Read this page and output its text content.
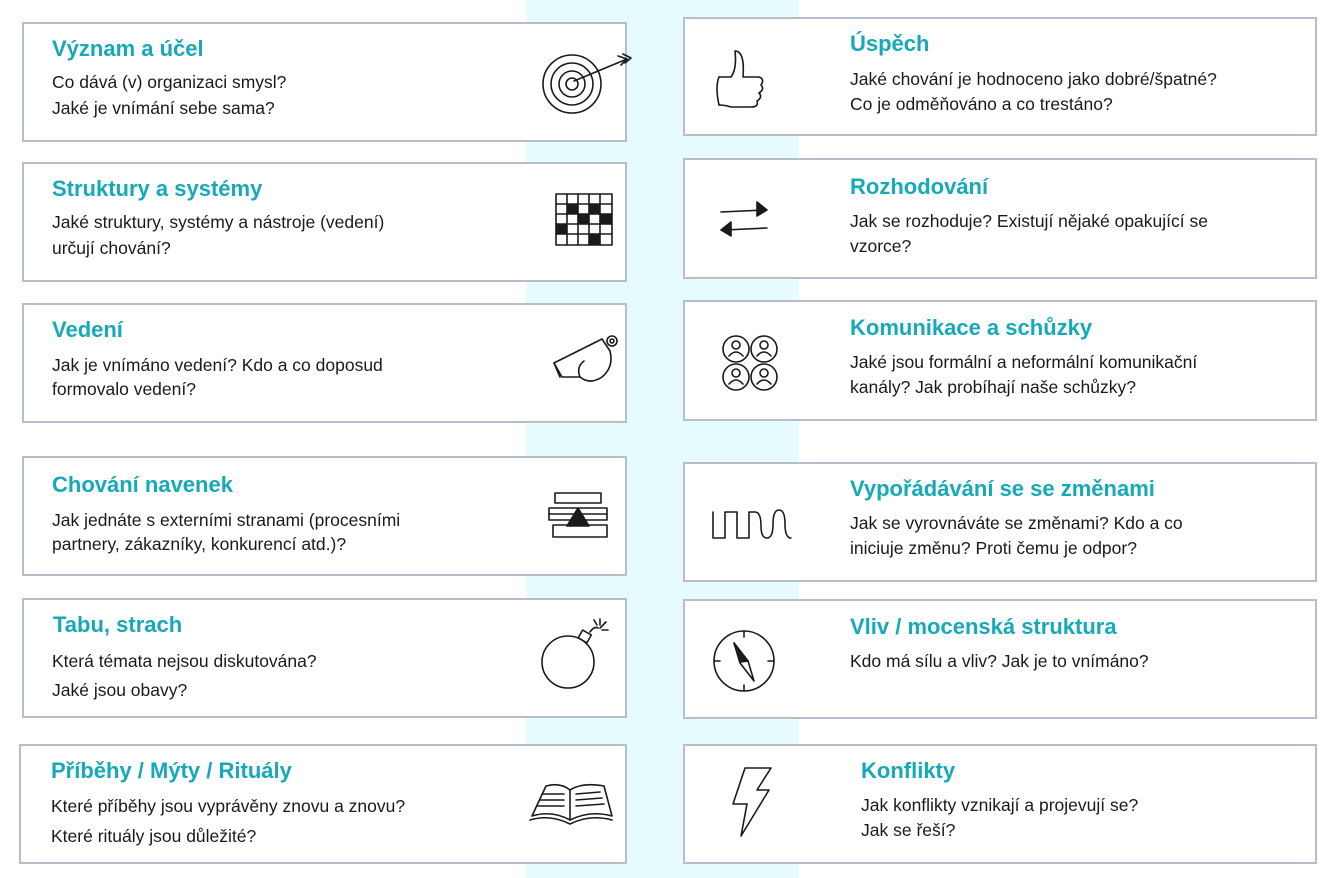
Význam a účel
Co dává (v) organizaci smysl?
Jaké je vnímání sebe sama?
Struktury a systémy
Jaké struktury, systémy a nástroje (vedení)
určují chování?
Vedení
Jak je vnímáno vedení? Kdo a co doposud
formovalo vedení?
Chování navenek
Jak jednáte s externími stranami (procesními
partnery, zákazníky, konkurencí atd.)?
Tabu, strach
Která témata nejsou diskutována?
Jaké jsou obavy?
Příběhy / Mýty / Rituály
Které příběhy jsou vyprávěny znovu a znovu?
Které rituály jsou důležité?
Úspěch
Jaké chování je hodnoceno jako dobré/špatné?
Co je odměňováno a co trestáno?
Rozhodování
Jak se rozhoduje? Existují nějaké opakující se
vzorce?
Komunikace a schůzky
Jaké jsou formální a neformální komunikační
kanály? Jak probíhají naše schůzky?
Vypořádávání se se změnami
Jak se vyrovnáváte se změnami? Kdo a co
iniciuje změnu? Proti čemu je odpor?
Vliv / mocenská struktura
Kdo má sílu a vliv? Jak je to vnímáno?
Konflikty
Jak konflikty vznikají a projevují se?
Jak se řeší?
